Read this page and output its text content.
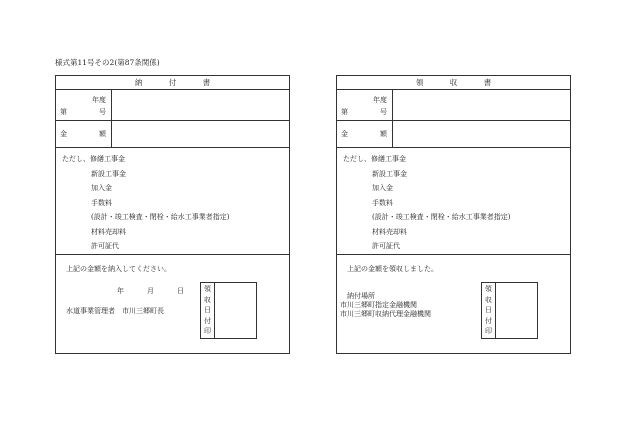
様式第11号その2(第87条関係)
納 付 書
年度
第	号
金	額
ただし、修繕工事金
新設工事金
加入金
手数料
(設計・竣工検査・閉栓・給水工事業者指定)
材料売却料
許可証代
上記の金額を納入してください。
年	月	日
水道事業管理者　市川三郷町長
領
収
日
付
印
領 収 書
年度
第	号
金	額
ただし、修繕工事金
新設工事金
加入金
手数料
(設計・竣工検査・閉栓・給水工事業者指定)
材料売却料
許可証代
上記の金額を領収しました。
納付場所
市川三郷町指定金融機関
市川三郷町収納代理金融機関
領
収
日
付
印
